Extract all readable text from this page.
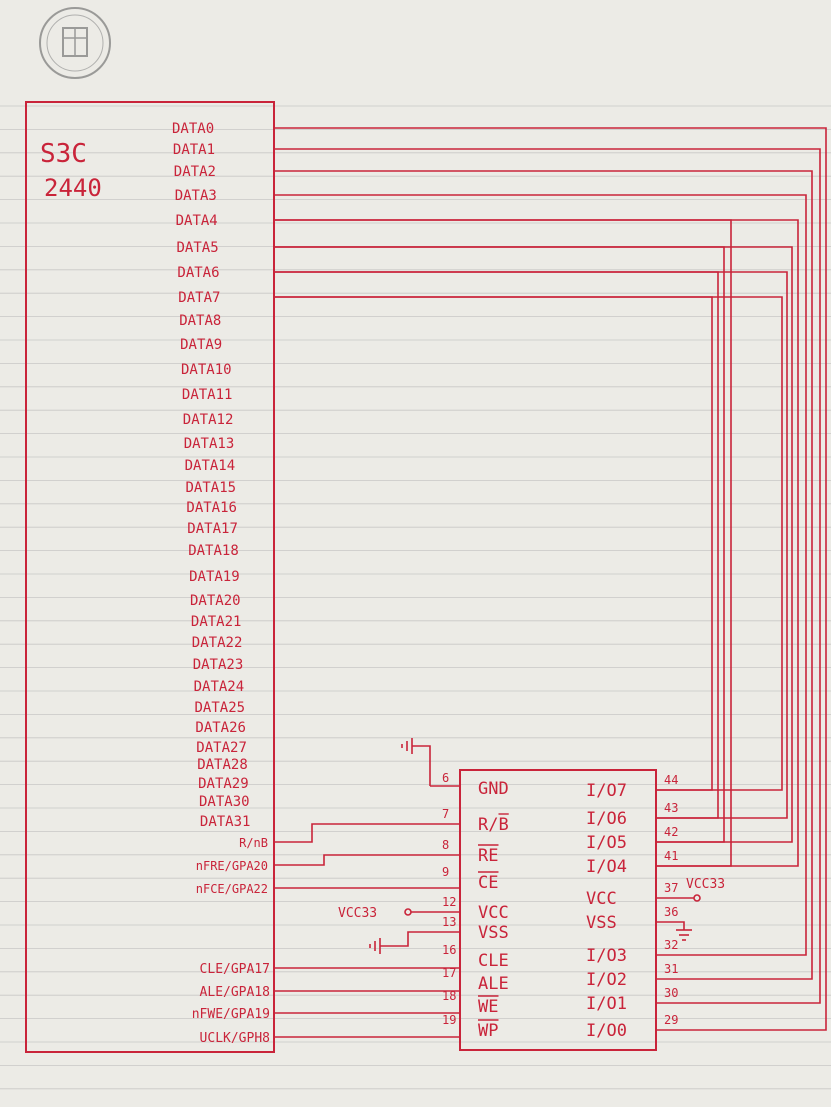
S3C
2440
DATA0
DATA1
DATA2
DATA3
DATA4
DATA5
DATA6
DATA7
DATA8
DATA9
DATA10
DATA11
DATA12
DATA13
DATA14
DATA15
DATA16
DATA17
DATA18
DATA19
DATA20
DATA21
DATA22
DATA23
DATA24
DATA25
DATA26
DATA27
DATA28
DATA29
DATA30
DATA31
R/nB
nFRE/GPA20
nFCE/GPA22
CLE/GPA17
ALE/GPA18
nFWE/GPA19
UCLK/GPH8
6
GND
7
R/B
8
RE
9
CE
12
VCC
13
VSS
16
CLE
17
ALE
18
WE
19
WP
I/O7
44
I/O6
43
I/O5
42
I/O4
41
VCC
37
VSS
36
I/O3
32
I/O2
31
I/O1
30
I/O0
29
VCC33
VCC33
